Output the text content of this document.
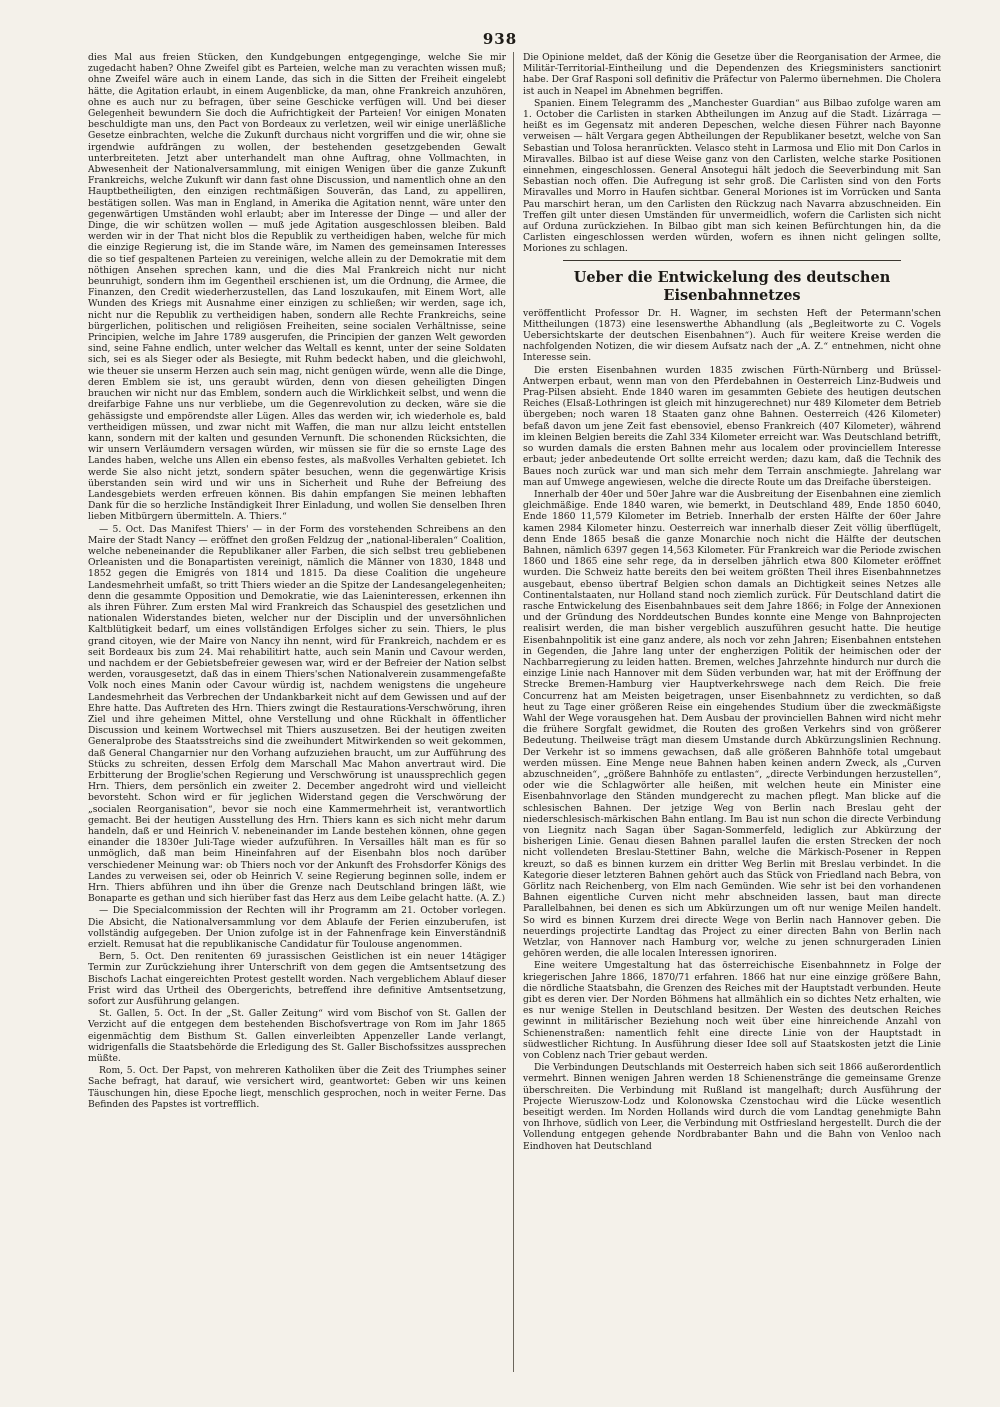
938

dies Mal aus freien Stücken, den Kundgebungen entgegenginge, welche Sie mir zugedacht haben? Ohne Zweifel gibt es Parteien, welche man zu verachten wissen muß; ohne Zweifel wäre auch in einem Lande, das sich in die Sitten der Freiheit eingelebt hätte, die Agitation erlaubt, in einem Augenblicke, da man, ohne Frankreich anzuhören, ohne es auch nur zu befragen, über seine Geschicke verfügen will. Und bei dieser Gelegenheit bewundern Sie doch die Aufrichtigkeit der Parteien! Vor einigen Monaten beschuldigte man uns, den Pact von Bordeaux zu verletzen, weil wir einige unerläßliche Gesetze einbrachten, welche die Zukunft durchaus nicht vorgriffen und die wir, ohne sie irgendwie aufdrängen zu wollen, der bestehenden gesetzgebenden Gewalt unterbreiteten. Jetzt aber unterhandelt man ohne Auftrag, ohne Vollmachten, in Abwesenheit der Nationalversammlung, mit einigen Wenigen über die ganze Zukunft Frankreichs, welche Zukunft wir dann fast ohne Discussion, und namentlich ohne an den Hauptbetheiligten, den einzigen rechtmäßigen Souverän, das Land, zu appelliren, bestätigen sollen. Was man in England, in Amerika die Agitation nennt, wäre unter den gegenwärtigen Umständen wohl erlaubt; aber im Interesse der Dinge — und aller der Dinge, die wir schützen wollen — muß jede Agitation ausgeschlossen bleiben. Bald werden wir in der That nicht blos die Republik zu vertheidigen haben, welche für mich die einzige Regierung ist, die im Stande wäre, im Namen des gemeinsamen Interesses die so tief gespaltenen Parteien zu vereinigen, welche allein zu der Demokratie mit dem nöthigen Ansehen sprechen kann, und die dies Mal Frankreich nicht nur nicht beunruhigt, sondern ihm im Gegentheil erschienen ist, um die Ordnung, die Armee, die Finanzen, den Credit wiederherzustellen, das Land loszukaufen, mit Einem Wort, alle Wunden des Kriegs mit Ausnahme einer einzigen zu schließen; wir werden, sage ich, nicht nur die Republik zu vertheidigen haben, sondern alle Rechte Frankreichs, seine bürgerlichen, politischen und religiösen Freiheiten, seine socialen Verhältnisse, seine Principien, welche im Jahre 1789 ausgerufen, die Principien der ganzen Welt geworden sind, seine Fahne endlich, unter welcher das Weltall es kennt, unter der seine Soldaten sich, sei es als Sieger oder als Besiegte, mit Ruhm bedeckt haben, und die gleichwohl, wie theuer sie unserm Herzen auch sein mag, nicht genügen würde, wenn alle die Dinge, deren Emblem sie ist, uns geraubt würden, denn von diesen geheiligten Dingen brauchen wir nicht nur das Emblem, sondern auch die Wirklichkeit selbst, und wenn die dreifarbige Fahne uns nur verbliebe, um die Gegenrevolution zu decken, wäre sie die gehässigste und empörendste aller Lügen. Alles das werden wir, ich wiederhole es, bald vertheidigen müssen, und zwar nicht mit Waffen, die man nur allzu leicht entstellen kann, sondern mit der kalten und gesunden Vernunft. Die schonenden Rücksichten, die wir unsern Verläumdern versagen würden, wir müssen sie für die so ernste Lage des Landes haben, welche uns Allen ein ebenso festes, als maßvolles Verhalten gebietet. Ich werde Sie also nicht jetzt, sondern später besuchen, wenn die gegenwärtige Krisis überstanden sein wird und wir uns in Sicherheit und Ruhe der Befreiung des Landesgebiets werden erfreuen können. Bis dahin empfangen Sie meinen lebhaften Dank für die so herzliche Inständigkeit Ihrer Einladung, und wollen Sie denselben Ihren lieben Mitbürgern übermitteln. A. Thiers.“

— 5. Oct. Das Manifest Thiers' — in der Form des vorstehenden Schreibens an den Maire der Stadt Nancy — eröffnet den großen Feldzug der „national-liberalen“ Coalition, welche nebeneinander die Republikaner aller Farben, die sich selbst treu gebliebenen Orleanisten und die Bonapartisten vereinigt, nämlich die Männer von 1830, 1848 und 1852 gegen die Emigrés von 1814 und 1815. Da diese Coalition die ungeheure Landesmehrheit umfaßt, so tritt Thiers wieder an die Spitze der Landesangelegenheiten; denn die gesammte Opposition und Demokratie, wie das Laieninteressen, erkennen ihn als ihren Führer. Zum ersten Mal wird Frankreich das Schauspiel des gesetzlichen und nationalen Widerstandes bieten, welcher nur der Disciplin und der unversöhnlichen Kaltblütigkeit bedarf, um eines vollständigen Erfolges sicher zu sein. Thiers, le plus grand citoyen, wie der Maire von Nancy ihn nennt, wird für Frankreich, nachdem er es seit Bordeaux bis zum 24. Mai rehabilitirt hatte, auch sein Manin und Cavour werden, und nachdem er der Gebietsbefreier gewesen war, wird er der Befreier der Nation selbst werden, vorausgesetzt, daß das in einem Thiers'schen Nationalverein zusammengefaßte Volk noch eines Manin oder Cavour würdig ist, nachdem wenigstens die ungeheure Landesmehrheit das Verbrechen der Undankbarkeit nicht auf dem Gewissen und auf der Ehre hatte. Das Auftreten des Hrn. Thiers zwingt die Restaurations-Verschwörung, ihren Ziel und ihre geheimen Mittel, ohne Verstellung und ohne Rückhalt in öffentlicher Discussion und keinem Wortwechsel mit Thiers auszusetzen. Bei der heutigen zweiten Generalprobe des Staatsstreichs sind die zweihundert Mitwirkenden so weit gekommen, daß General Changarnier nur den Vorhang aufzuziehen braucht, um zur Aufführung des Stücks zu schreiten, dessen Erfolg dem Marschall Mac Mahon anvertraut wird. Die Erbitterung der Broglie'schen Regierung und Verschwörung ist unaussprechlich gegen Hrn. Thiers, dem persönlich ein zweiter 2. December angedroht wird und vielleicht bevorsteht. Schon wird er für jeglichen Widerstand gegen die Verschwörung der „socialen Reorganisation“, bevor sie noch eine Kammermehrheit ist, verantwortlich gemacht. Bei der heutigen Ausstellung des Hrn. Thiers kann es sich nicht mehr darum handeln, daß er und Heinrich V. nebeneinander im Lande bestehen können, ohne gegen einander die 1830er Juli-Tage wieder aufzuführen. In Versailles hält man es für so unmöglich, daß man beim Hineinfahren auf der Eisenbahn blos noch darüber verschiedener Meinung war: ob Thiers noch vor der Ankunft des Frohsdorfer Königs des Landes zu verweisen sei, oder ob Heinrich V. seine Regierung beginnen solle, indem er Hrn. Thiers abführen und ihn über die Grenze nach Deutschland bringen läßt, wie Bonaparte es gethan und sich hierüber fast das Herz aus dem Leibe gelacht hatte. (A. Z.)

— Die Specialcommission der Rechten will ihr Programm am 21. October vorlegen. Die Absicht, die Nationalversammlung vor dem Ablaufe der Ferien einzuberufen, ist vollständig aufgegeben. Der Union zufolge ist in der Fahnenfrage kein Einverständniß erzielt. Remusat hat die republikanische Candidatur für Toulouse angenommen.

Bern, 5. Oct. Den renitenten 69 jurassischen Geistlichen ist ein neuer 14tägiger Termin zur Zurückziehung ihrer Unterschrift von dem gegen die Amtsentsetzung des Bischofs Lachat eingereichten Protest gestellt worden. Nach vergeblichem Ablauf dieser Frist wird das Urtheil des Obergerichts, betreffend ihre definitive Amtsentsetzung, sofort zur Ausführung gelangen.

St. Gallen, 5. Oct. In der „St. Galler Zeitung“ wird vom Bischof von St. Gallen der Verzicht auf die entgegen dem bestehenden Bischofsvertrage von Rom im Jahr 1865 eigenmächtig dem Bisthum St. Gallen einverleibten Appenzeller Lande verlangt, widrigenfalls die Staatsbehörde die Erledigung des St. Galler Bischofssitzes aussprechen müßte.

Rom, 5. Oct. Der Papst, von mehreren Katholiken über die Zeit des Triumphes seiner Sache befragt, hat darauf, wie versichert wird, geantwortet: Geben wir uns keinen Täuschungen hin, diese Epoche liegt, menschlich gesprochen, noch in weiter Ferne. Das Befinden des Papstes ist vortrefflich.

Die Opinione meldet, daß der König die Gesetze über die Reorganisation der Armee, die Militär-Territorial-Eintheilung und die Dependenzen des Kriegsministers sanctionirt habe. Der Graf Rasponi soll definitiv die Präfectur von Palermo übernehmen. Die Cholera ist auch in Neapel im Abnehmen begriffen.

Spanien. Einem Telegramm des „Manchester Guardian“ aus Bilbao zufolge waren am 1. October die Carlisten in starken Abtheilungen im Anzug auf die Stadt. Lizárraga — heißt es im Gegensatz mit anderen Depeschen, welche diesen Führer nach Bayonne verweisen — hält Vergara gegen Abtheilungen der Republikaner besetzt, welche von San Sebastian und Tolosa heranrückten. Velasco steht in Larmosa und Elio mit Don Carlos in Miravalles. Bilbao ist auf diese Weise ganz von den Carlisten, welche starke Positionen einnehmen, eingeschlossen. General Ansotegui hält jedoch die Seeverbindung mit San Sebastian noch offen. Die Aufregung ist sehr groß. Die Carlisten sind von den Forts Miravalles und Morro in Haufen sichtbar. General Moriones ist im Vorrücken und Santa Pau marschirt heran, um den Carlisten den Rückzug nach Navarra abzuschneiden. Ein Treffen gilt unter diesen Umständen für unvermeidlich, wofern die Carlisten sich nicht auf Orduna zurückziehen. In Bilbao gibt man sich keinen Befürchtungen hin, da die Carlisten eingeschlossen werden würden, wofern es ihnen nicht gelingen sollte, Moriones zu schlagen.

Ueber die Entwickelung des deutschen Eisenbahnnetzes

veröffentlicht Professor Dr. H. Wagner, im sechsten Heft der Petermann'schen Mittheilungen (1873) eine lesenswerthe Abhandlung (als „Begleitworte zu C. Vogels Uebersichtskarte der deutschen Eisenbahnen“). Auch für weitere Kreise werden die nachfolgenden Notizen, die wir diesem Aufsatz nach der „A. Z.“ entnehmen, nicht ohne Interesse sein.

Die ersten Eisenbahnen wurden 1835 zwischen Fürth-Nürnberg und Brüssel-Antwerpen erbaut, wenn man von den Pferdebahnen in Oesterreich Linz-Budweis und Prag-Pilsen absieht. Ende 1840 waren im gesammten Gebiete des heutigen deutschen Reiches (Elsaß-Lothringen ist gleich mit hinzugerechnet) nur 489 Kilometer dem Betrieb übergeben; noch waren 18 Staaten ganz ohne Bahnen. Oesterreich (426 Kilometer) befaß davon um jene Zeit fast ebensoviel, ebenso Frankreich (407 Kilometer), während im kleinen Belgien bereits die Zahl 334 Kilometer erreicht war. Was Deutschland betrifft, so wurden damals die ersten Bahnen mehr aus localem oder provinciellem Interesse erbaut; jeder anbedeutende Ort sollte erreicht werden; dazu kam, daß die Technik des Baues noch zurück war und man sich mehr dem Terrain anschmiegte. Jahrelang war man auf Umwege angewiesen, welche die directe Route um das Dreifache übersteigen.

Innerhalb der 40er und 50er Jahre war die Ausbreitung der Eisenbahnen eine ziemlich gleichmäßige. Ende 1840 waren, wie bemerkt, in Deutschland 489, Ende 1850 6040, Ende 1860 11,579 Kilometer im Betrieb. Innerhalb der ersten Hälfte der 60er Jahre kamen 2984 Kilometer hinzu. Oesterreich war innerhalb dieser Zeit völlig überflügelt, denn Ende 1865 besaß die ganze Monarchie noch nicht die Hälfte der deutschen Bahnen, nämlich 6397 gegen 14,563 Kilometer. Für Frankreich war die Periode zwischen 1860 und 1865 eine sehr rege, da in derselben jährlich etwa 800 Kilometer eröffnet wurden. Die Schweiz hatte bereits den bei weitem größten Theil ihres Eisenbahnnetzes ausgebaut, ebenso übertraf Belgien schon damals an Dichtigkeit seines Netzes alle Continentalstaaten, nur Holland stand noch ziemlich zurück. Für Deutschland datirt die rasche Entwickelung des Eisenbahnbaues seit dem Jahre 1866; in Folge der Annexionen und der Gründung des Norddeutschen Bundes konnte eine Menge von Bahnprojecten realisirt werden, die man bisher vergeblich auszuführen gesucht hatte. Die heutige Eisenbahnpolitik ist eine ganz andere, als noch vor zehn Jahren; Eisenbahnen entstehen in Gegenden, die Jahre lang unter der engherzigen Politik der heimischen oder der Nachbarregierung zu leiden hatten. Bremen, welches Jahrzehnte hindurch nur durch die einzige Linie nach Hannover mit dem Süden verbunden war, hat mit der Eröffnung der Strecke Bremen-Hamburg vier Hauptverkehrswege nach dem Reich. Die freie Concurrenz hat am Meisten beigetragen, unser Eisenbahnnetz zu verdichten, so daß heut zu Tage einer größeren Reise ein eingehendes Studium über die zweckmäßigste Wahl der Wege vorausgehen hat. Dem Ausbau der provinciellen Bahnen wird nicht mehr die frühere Sorgfalt gewidmet, die Routen des großen Verkehrs sind von größerer Bedeutung. Theilweise trägt man diesem Umstande durch Abkürzungslinien Rechnung. Der Verkehr ist so immens gewachsen, daß alle größeren Bahnhöfe total umgebaut werden müssen. Eine Menge neue Bahnen haben keinen andern Zweck, als „Curven abzuschneiden“, „größere Bahnhöfe zu entlasten“, „directe Verbindungen herzustellen“, oder wie die Schlagwörter alle heißen, mit welchen heute ein Minister eine Eisenbahnvorlage den Ständen mundgerecht zu machen pflegt. Man blicke auf die schlesischen Bahnen. Der jetzige Weg von Berlin nach Breslau geht der niederschlesisch-märkischen Bahn entlang. Im Bau ist nun schon die directe Verbindung von Liegnitz nach Sagan über Sagan-Sommerfeld, lediglich zur Abkürzung der bisherigen Linie. Genau diesen Bahnen parallel laufen die ersten Strecken der noch nicht vollendeten Breslau-Stettiner Bahn, welche die Märkisch-Posener in Reppen kreuzt, so daß es binnen kurzem ein dritter Weg Berlin mit Breslau verbindet. In die Kategorie dieser letzteren Bahnen gehört auch das Stück von Friedland nach Bebra, von Görlitz nach Reichenberg, von Elm nach Gemünden. Wie sehr ist bei den vorhandenen Bahnen eigentliche Curven nicht mehr abschneiden lassen, baut man directe Parallelbahnen, bei denen es sich um Abkürzungen um oft nur wenige Meilen handelt. So wird es binnen Kurzem drei directe Wege von Berlin nach Hannover geben. Die neuerdings projectirte Landtag das Project zu einer directen Bahn von Berlin nach Wetzlar, von Hannover nach Hamburg vor, welche zu jenen schnurgeraden Linien gehören werden, die alle localen Interessen ignoriren.

Eine weitere Umgestaltung hat das österreichische Eisenbahnnetz in Folge der kriegerischen Jahre 1866, 1870/71 erfahren. 1866 hat nur eine einzige größere Bahn, die nördliche Staatsbahn, die Grenzen des Reiches mit der Hauptstadt verbunden. Heute gibt es deren vier. Der Norden Böhmens hat allmählich ein so dichtes Netz erhalten, wie es nur wenige Stellen in Deutschland besitzen. Der Westen des deutschen Reiches gewinnt in militärischer Beziehung noch weit über eine hinreichende Anzahl von Schienenstraßen: namentlich fehlt eine directe Linie von der Hauptstadt in südwestlicher Richtung. In Ausführung dieser Idee soll auf Staatskosten jetzt die Linie von Coblenz nach Trier gebaut werden.

Die Verbindungen Deutschlands mit Oesterreich haben sich seit 1866 außerordentlich vermehrt. Binnen wenigen Jahren werden 18 Schienenstränge die gemeinsame Grenze überschreiten. Die Verbindung mit Rußland ist mangelhaft; durch Ausführung der Projecte Wieruszow-Lodz und Kolonowska Czenstochau wird die Lücke wesentlich beseitigt werden. Im Norden Hollands wird durch die vom Landtag genehmigte Bahn von Ihrhove, südlich von Leer, die Verbindung mit Ostfriesland hergestellt. Durch die der Vollendung entgegen gehende Nordbrabanter Bahn und die Bahn von Venloo nach Eindhoven hat Deutschland
